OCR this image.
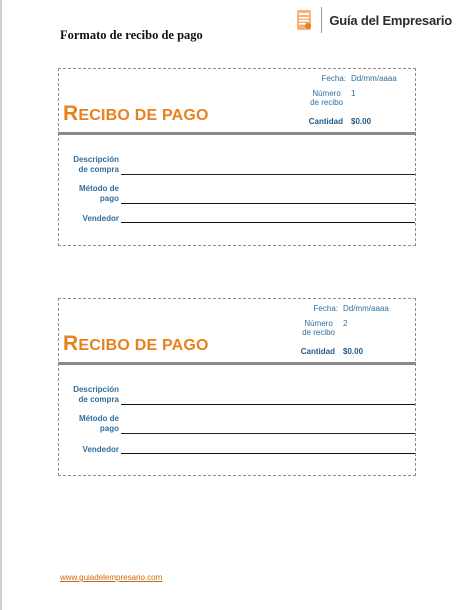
Formato de recibo de pago
Guía del Empresario
Fecha: Dd/mm/aaaa
Número
de recibo
1
Cantidad $0.00
RECIBO DE PAGO
Descripción
de compra
Método de
pago
Vendedor
Fecha: Dd/mm/aaaa
Número
de recibo
2
Cantidad $0.00
RECIBO DE PAGO
Descripción
de compra
Método de
pago
Vendedor
www.guiadelempresario.com
